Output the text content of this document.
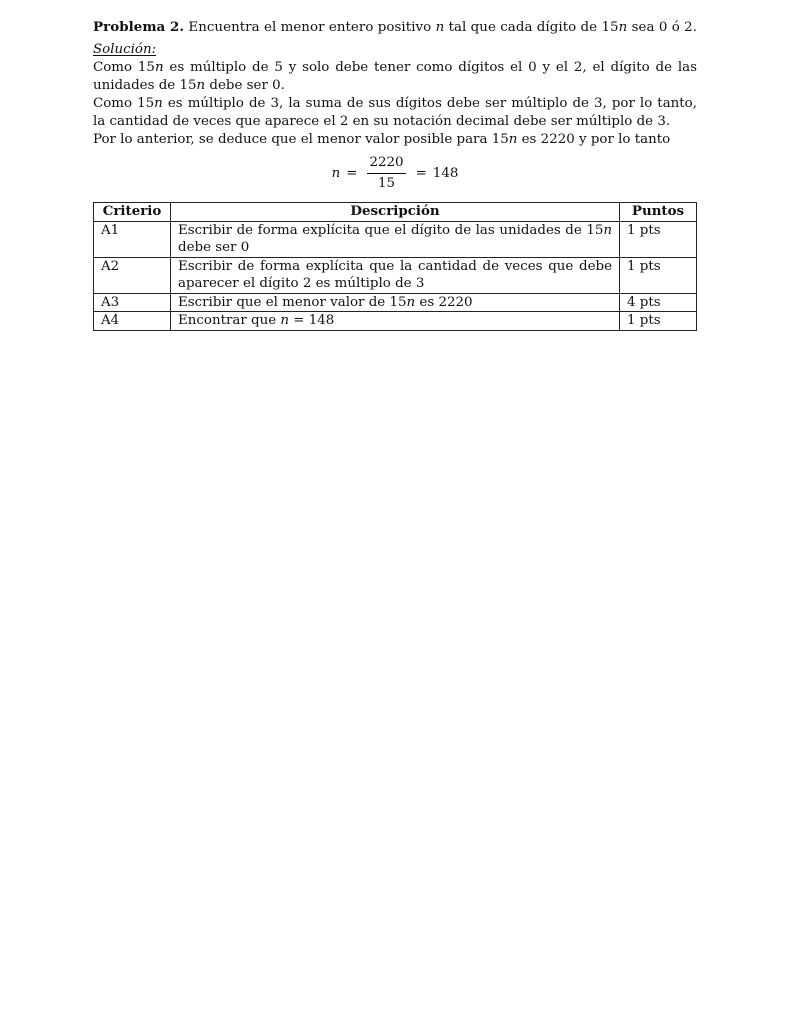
Problema 2. Encuentra el menor entero positivo n tal que cada dígito de 15n sea 0 ó 2.

Solución:

Como 15n es múltiplo de 5 y solo debe tener como dígitos el 0 y el 2, el dígito de las unidades de 15n debe ser 0.

Como 15n es múltiplo de 3, la suma de sus dígitos debe ser múltiplo de 3, por lo tanto, la cantidad de veces que aparece el 2 en su notación decimal debe ser múltiplo de 3.

Por lo anterior, se deduce que el menor valor posible para 15n es 2220 y por lo tanto

$n = \frac{2220}{15} = 148$
Criterio	Descripción	Puntos
A1	Escribir de forma explícita que el dígito de las unidades de 15n debe ser 0	1 pts
A2	Escribir de forma explícita que la cantidad de veces que debe aparecer el dígito 2 es múltiplo de 3	1 pts
A3	Escribir que el menor valor de 15n es 2220	4 pts
A4	Encontrar que n = 148	1 pts
